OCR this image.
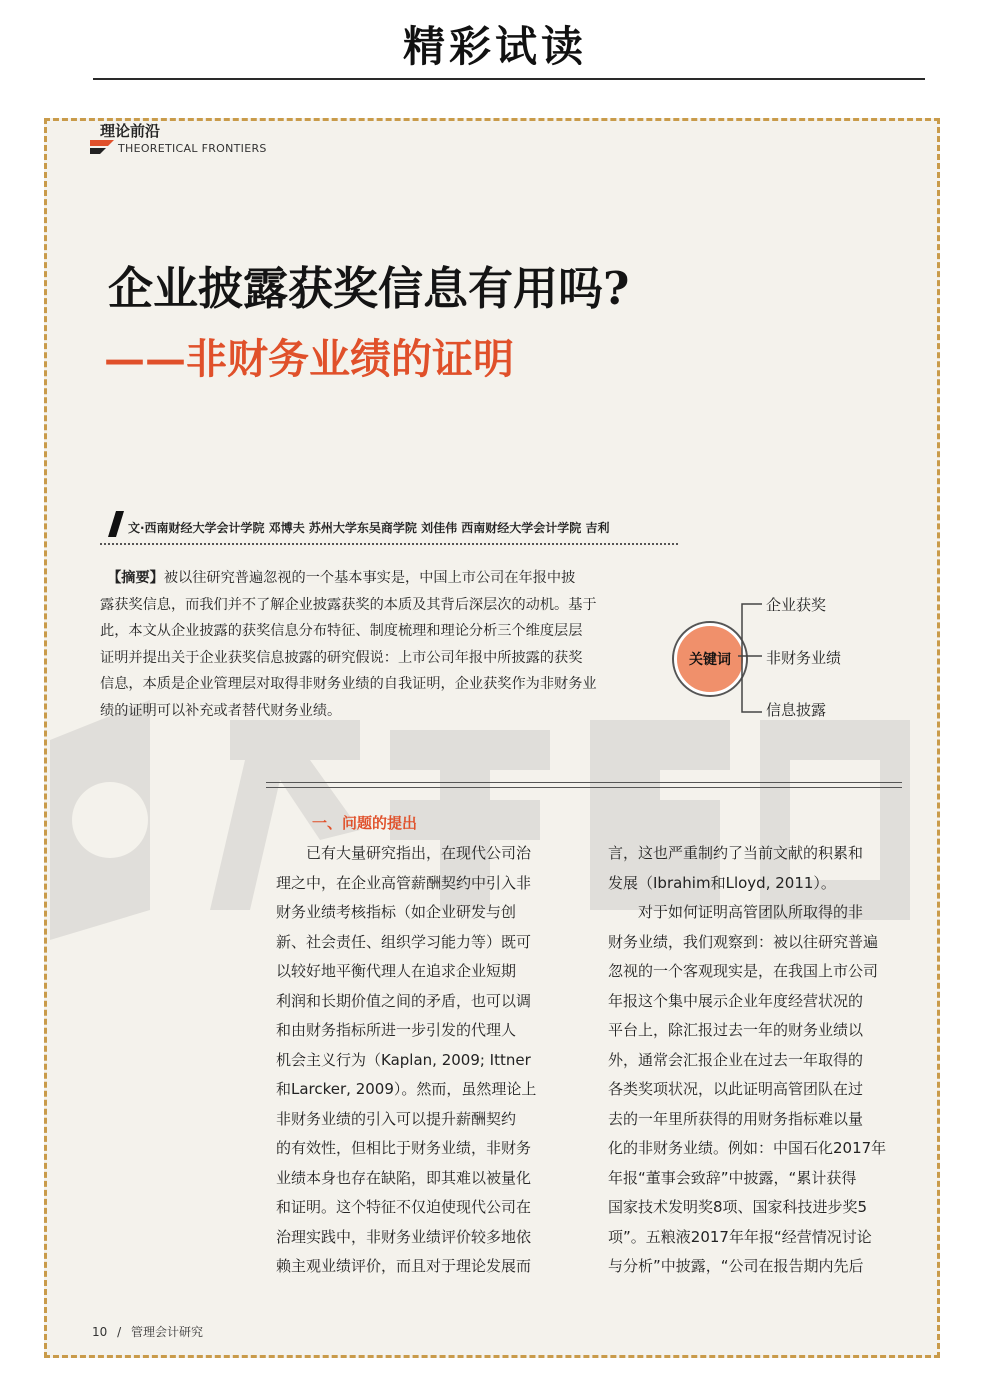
精彩试读
理论前沿
THEORETICAL FRONTIERS
企业披露获奖信息有用吗?
——非财务业绩的证明
文·西南财经大学会计学院 邓博夫 苏州大学东吴商学院 刘佳伟 西南财经大学会计学院 吉利
　【摘要】被以往研究普遍忽视的一个基本事实是，中国上市公司在年报中披
露获奖信息，而我们并不了解企业披露获奖的本质及其背后深层次的动机。基于
此，本文从企业披露的获奖信息分布特征、制度梳理和理论分析三个维度层层
证明并提出关于企业获奖信息披露的研究假说：上市公司年报中所披露的获奖
信息，本质是企业管理层对取得非财务业绩的自我证明，企业获奖作为非财务业
绩的证明可以补充或者替代财务业绩。
关键词
企业获奖
非财务业绩
信息披露
一、问题的提出
　　已有大量研究指出，在现代公司治
理之中，在企业高管薪酬契约中引入非
财务业绩考核指标（如企业研发与创
新、社会责任、组织学习能力等）既可
以较好地平衡代理人在追求企业短期
利润和长期价值之间的矛盾，也可以调
和由财务指标所进一步引发的代理人
机会主义行为（Kaplan, 2009; Ittner
和Larcker, 2009）。然而，虽然理论上
非财务业绩的引入可以提升薪酬契约
的有效性，但相比于财务业绩，非财务
业绩本身也存在缺陷，即其难以被量化
和证明。这个特征不仅迫使现代公司在
治理实践中，非财务业绩评价较多地依
赖主观业绩评价，而且对于理论发展而
言，这也严重制约了当前文献的积累和
发展（Ibrahim和Lloyd, 2011）。
　　对于如何证明高管团队所取得的非
财务业绩，我们观察到：被以往研究普遍
忽视的一个客观现实是，在我国上市公司
年报这个集中展示企业年度经营状况的
平台上，除汇报过去一年的财务业绩以
外，通常会汇报企业在过去一年取得的
各类奖项状况，以此证明高管团队在过
去的一年里所获得的用财务指标难以量
化的非财务业绩。例如：中国石化2017年
年报“董事会致辞”中披露，“累计获得
国家技术发明奖8项、国家科技进步奖5
项”。五粮液2017年年报“经营情况讨论
与分析”中披露，“公司在报告期内先后
10 / 管理会计研究
